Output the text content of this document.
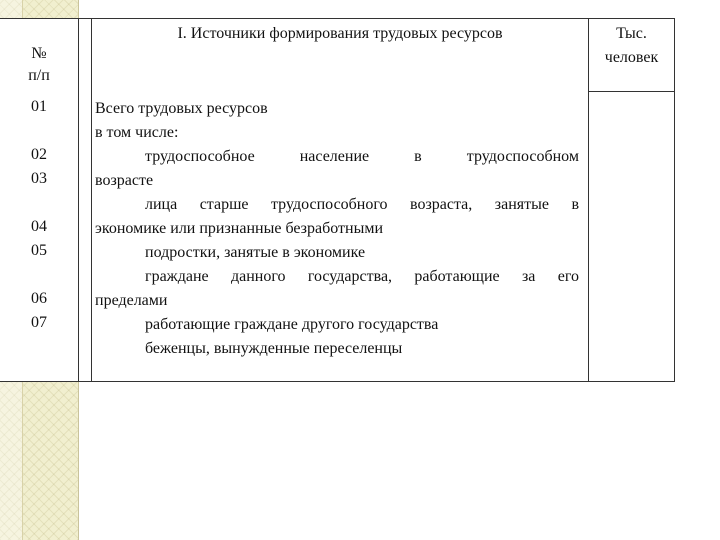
№
п/п
01
02
03
04
05
06
07
I. Источники формирования трудовых ресурсов	Тыс.
человек
Всего трудовых ресурсов
в том числе:
трудоспособное население в трудоспособном
возрасте
лица старше трудоспособного возраста, занятые в
экономике или признанные безработными
подростки, занятые в экономике
граждане данного государства, работающие за его
пределами
работающие граждане другого государства
беженцы, вынужденные переселенцы
